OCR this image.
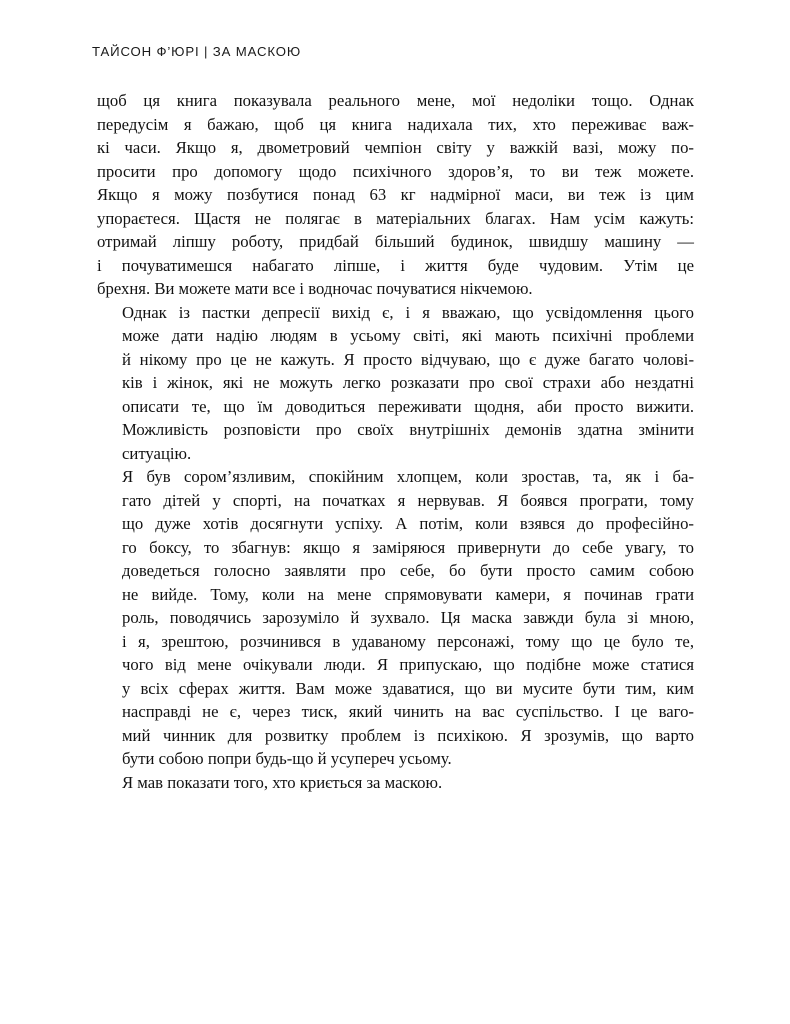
ТАЙСОН Ф’ЮРІ | ЗА МАСКОЮ

щоб ця книга показувала реального мене, мої недоліки тощо. Однак
передусім я бажаю, щоб ця книга надихала тих, хто переживає важ-
кі часи. Якщо я, двометровий чемпіон світу у важкій вазі, можу по-
просити про допомогу щодо психічного здоров’я, то ви теж можете.
Якщо я можу позбутися понад 63 кг надмірної маси, ви теж із цим
упораєтеся. Щастя не полягає в матеріальних благах. Нам усім кажуть:
отримай ліпшу роботу, придбай більший будинок, швидшу машину —
і почуватимешся набагато ліпше, і життя буде чудовим. Утім це
брехня. Ви можете мати все і водночас почуватися нікчемою.

Однак із пастки депресії вихід є, і я вважаю, що усвідомлення цього
може дати надію людям в усьому світі, які мають психічні проблеми
й нікому про це не кажуть. Я просто відчуваю, що є дуже багато чолові-
ків і жінок, які не можуть легко розказати про свої страхи або нездатні
описати те, що їм доводиться переживати щодня, аби просто вижити.
Можливість розповісти про своїх внутрішніх демонів здатна змінити
ситуацію.

Я був сором’язливим, спокійним хлопцем, коли зростав, та, як і ба-
гато дітей у спорті, на початках я нервував. Я боявся програти, тому
що дуже хотів досягнути успіху. А потім, коли взявся до професійно-
го боксу, то збагнув: якщо я заміряюся привернути до себе увагу, то
доведеться голосно заявляти про себе, бо бути просто самим собою
не вийде. Тому, коли на мене спрямовувати камери, я починав грати
роль, поводячись зарозуміло й зухвало. Ця маска завжди була зі мною,
і я, зрештою, розчинився в удаваному персонажі, тому що це було те,
чого від мене очікували люди. Я припускаю, що подібне може статися
у всіх сферах життя. Вам може здаватися, що ви мусите бути тим, ким
насправді не є, через тиск, який чинить на вас суспільство. І це ваго-
мий чинник для розвитку проблем із психікою. Я зрозумів, що варто
бути собою попри будь-що й усупереч усьому.

Я мав показати того, хто криється за маскою.
